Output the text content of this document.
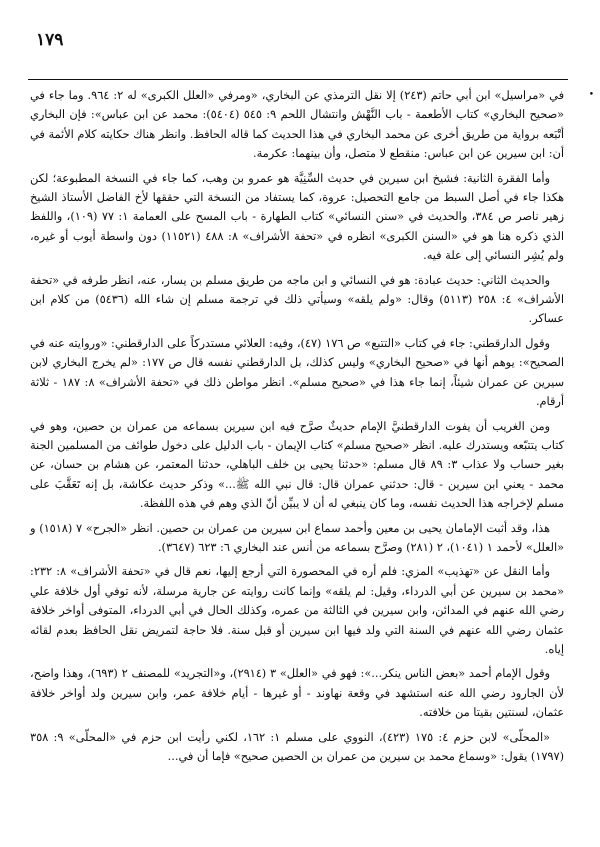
١٧٩
•

في «مراسيل» ابن أبي حاتم (٢٤٣) إلا نقل الترمذي عن البخاري، «ومرفي «العلل الكبرى» له ٢: ٩٦٤. وما جاء في «صحيح البخاري» كتاب الأطعمة - باب النَّهْش وانتشال اللحم ٩: ٥٤٥ (٥٤٠٤): محمد عن ابن عباس»: فإن البخاري أتْبَعه برواية من طريق أخرى عن محمد البخاري في هذا الحديث كما قاله الحافظ. وانظر هناك حكايته كلام الأئمة في أن: ابن سيرين عن ابن عباس: منقطع لا متصل، وأن بينهما: عكرمة.

وأما الفقرة الثانية: فشيخ ابن سيرين في حديث السِّنِيَّة هو عمرو بن وهب، كما جاء في النسخة المطبوعة؛ لكن هكذا جاء في أصل السبط من جامع التحصيل: عروة، كما يستفاد من النسخة التي حققها لأخ الفاضل الأستاذ الشيخ زهير ناصر ص ٣٨٤، والحديث في «سنن النسائي» كتاب الطهارة - باب المسح على العمامة ١: ٧٧ (١٠٩)، واللفظ الذي ذكره هنا هو في «السنن الكبرى» انظره في «تحفة الأشراف» ٨: ٤٨٨ (١١٥٢١) دون واسطة أيوب أو غيره، ولم يُشِر النسائي إلى علة فيه.

والحديث الثاني: حديث عبادة: هو في النسائي و ابن ماجه من طريق مسلم بن يسار، عنه، انظر طرفه في «تحفة الأشراف» ٤: ٢٥٨ (٥١١٣) وقال: «ولم يلقه» وسيأتي ذلك في ترجمة مسلم إن شاء الله (٥٤٣٦) من كلام ابن عساكر.

وقول الدارقطني: جاء في كتاب «التتبع» ص ١٧٦ (٤٧)، وفيه: العلائي مستدركاً على الدارقطني: «وروايته عنه في الصحيح»: يوهم أنها في «صحيح البخاري» وليس كذلك، بل الدارقطني نفسه قال ص ١٧٧: «لم يخرج البخاري لابن سيرين عن عمران شيئاً، إنما جاء هذا في «صحيح مسلم». انظر مواطن ذلك في «تحفة الأشراف» ٨: ١٨٧ - ثلاثة أرقام.

ومن الغريب أن يفوت الدارقطنيَّ الإمام حديثٌ صرَّح فيه ابن سيرين بسماعه من عمران بن حصين، وهو في كتاب يتتبّعه ويستدرك عليه. انظر «صحيح مسلم» كتاب الإيمان - باب الدليل على دخول طوائف من المسلمين الجنة بغير حساب ولا عذاب ٣: ٨٩ قال مسلم: «حدثنا يحيى بن خلف الباهلي، حدثنا المعتمر، عن هشام بن حسان، عن محمد - يعني ابن سيرين - قال: حدثني عمران قال: قال نبي الله ﷺ...» وذكر حديث عكاشة، بل إنه تَعَقَّبَ على مسلم لإخراجه هذا الحديث نفسه، وما كان ينبغي له أن لا يبيِّن أنّ الذي وهم في هذه اللفظة.

هذا، وقد أثبت الإمامان يحيى بن معين وأحمد سماع ابن سيرين من عمران بن حصين. انظر «الجرح» ٧ (١٥١٨) و «العلل» لأحمد ١ (١٠٤١)، ٢ (٢٨١) وصرَّح بسماعه من أنس عند البخاري ٦: ٦٢٣ (٣٦٤٧).

وأما النقل عن «تهذيب» المزي: فلم أره في المحصورة التي أرجع إليها، نعم قال في «تحفة الأشراف» ٨: ٢٣٢: «محمد بن سيرين عن أبي الدرداء، وقيل: لم يلقه» وإنما كانت روايته عن جارية مرسلة، لأنه توفي أول خلافة علي رضي الله عنهم في المدائن، وابن سيرين في الثالثة من عمره، وكذلك الحال في أبي الدرداء، المتوفى أواخر خلافة عثمان رضي الله عنهم في السنة التي ولد فيها ابن سيرين أو قبل سنة. فلا حاجة لتمريض نقل الحافظ بعدم لقائه إياه.

وقول الإمام أحمد «بعض الناس ينكر...»: فهو في «العلل» ٣ (٢٩١٤)، و«التجريد» للمصنف ٢ (٦٩٣)، وهذا واضح، لأن الجارود رضي الله عنه استشهد في وقعة نهاوند - أو غيرها - أيام خلافة عمر، وابن سيرين ولد أواخر خلافة عثمان، لسنتين بقيتا من خلافته.

«المحلّى» لابن حزم ٤: ١٧٥ (٤٢٣)، النووي على مسلم ١: ١٦٢، لكني رأيت ابن حزم في «المحلّى» ٩: ٣٥٨ (١٧٩٧) يقول: «وسماع محمد بن سيرين من عمران بن الحصين صحيح» فإما أن في...
